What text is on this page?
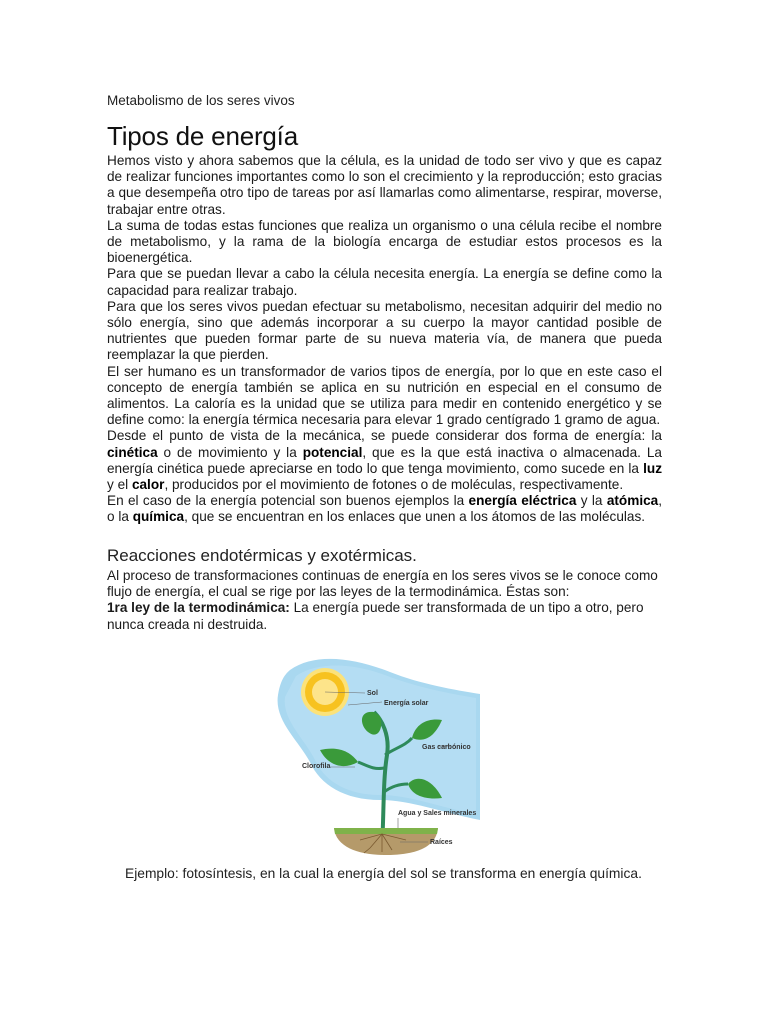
Metabolismo de los seres vivos
Tipos de energía

Hemos visto y ahora sabemos que la célula, es la unidad de todo ser vivo y que es capaz de realizar funciones importantes como lo son el crecimiento y la reproducción; esto gracias a que desempeña otro tipo de tareas por así llamarlas como alimentarse, respirar, moverse, trabajar entre otras.

La suma de todas estas funciones que realiza un organismo o una célula recibe el nombre de metabolismo, y la rama de la biología encarga de estudiar estos procesos es la bioenergética.

Para que se puedan llevar a cabo la célula necesita energía. La energía se define como la capacidad para realizar trabajo.

Para que los seres vivos puedan efectuar su metabolismo, necesitan adquirir del medio no sólo energía, sino que además incorporar a su cuerpo la mayor cantidad posible de nutrientes que pueden formar parte de su nueva materia vía, de manera que pueda reemplazar la que pierden.

El ser humano es un transformador de varios tipos de energía, por lo que en este caso el concepto de energía también se aplica en su nutrición en especial en el consumo de alimentos. La caloría es la unidad que se utiliza para medir en contenido energético y se define como: la energía térmica necesaria para elevar 1 grado centígrado 1 gramo de agua.

Desde el punto de vista de la mecánica, se puede considerar dos forma de energía: la cinética o de movimiento y la potencial, que es la que está inactiva o almacenada. La energía cinética puede apreciarse en todo lo que tenga movimiento, como sucede en la luz y el calor, producidos por el movimiento de fotones o de moléculas, respectivamente.

En el caso de la energía potencial son buenos ejemplos la energía eléctrica y la atómica, o la química, que se encuentran en los enlaces que unen a los átomos de las moléculas.

Reacciones endotérmicas y exotérmicas.

Al proceso de transformaciones continuas de energía en los seres vivos se le conoce como flujo de energía, el cual se rige por las leyes de la termodinámica. Éstas son:

1ra ley de la termodinámica: La energía puede ser transformada de un tipo a otro, pero nunca creada ni destruida.

Sol
Energía solar
Gas carbónico
Clorofila
Agua y Sales minerales
Raíces
Ejemplo: fotosíntesis, en la cual la energía del sol se transforma en energía química.
